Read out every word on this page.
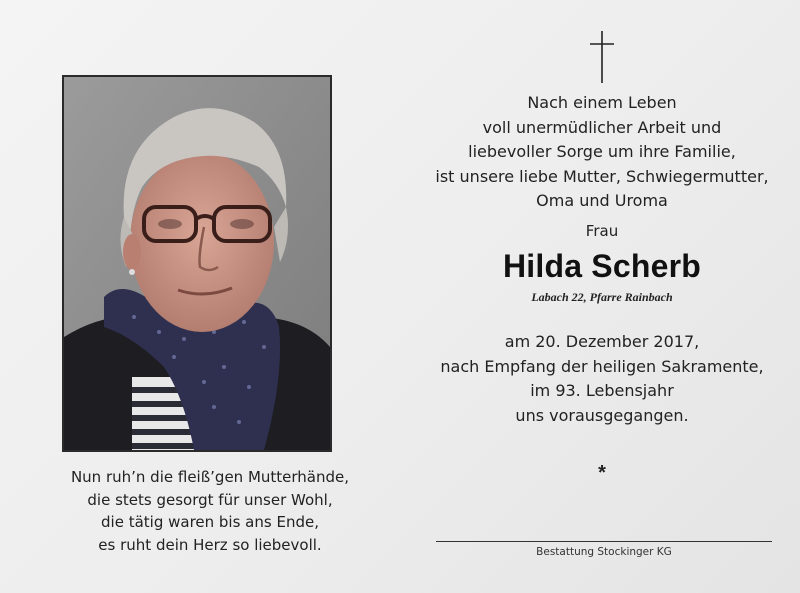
Nun ruh’n die fleiß’gen Mutterhände,
die stets gesorgt für unser Wohl,
die tätig waren bis ans Ende,
es ruht dein Herz so liebevoll.
Nach einem Leben
voll unermüdlicher Arbeit und
liebevoller Sorge um ihre Familie,
ist unsere liebe Mutter, Schwiegermutter,
Oma und Uroma
Frau
Hilda Scherb
Labach 22, Pfarre Rainbach
am 20. Dezember 2017,
nach Empfang der heiligen Sakramente,
im 93. Lebensjahr
uns vorausgegangen.
*
Bestattung Stockinger KG
